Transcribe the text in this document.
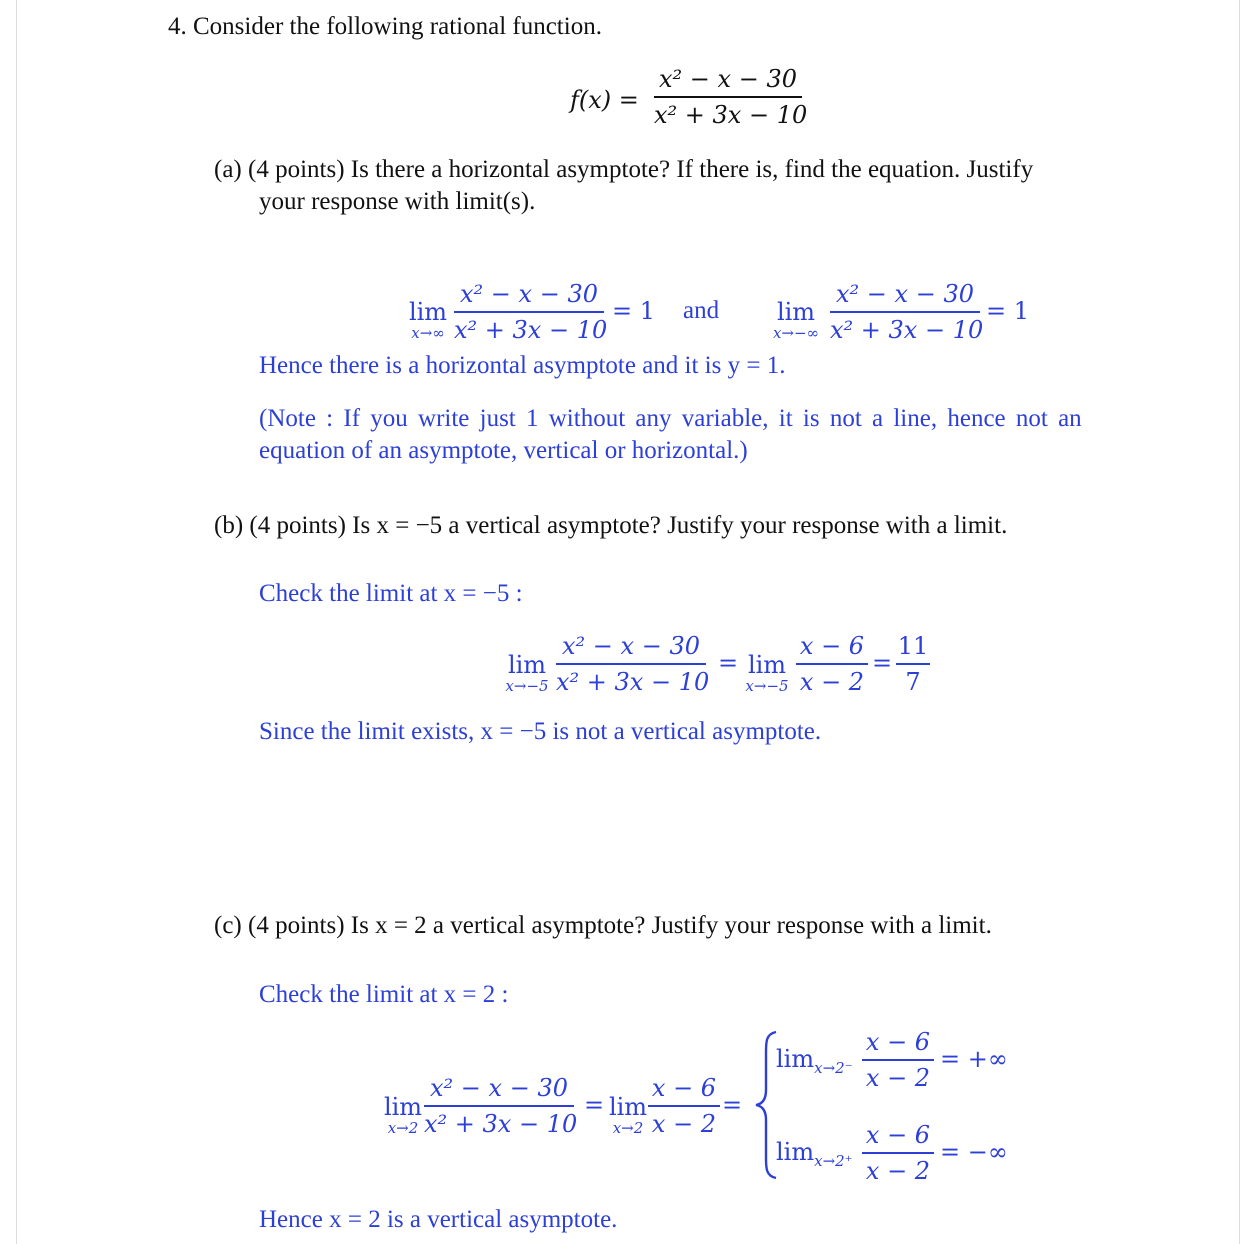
4. Consider the following rational function.
f(x) =
x² − x − 30
x² + 3x − 10
(a) (4 points) Is there a horizontal asymptote? If there is, find the equation. Justify
your response with limit(s).
lim
x→∞
x² − x − 30
x² + 3x − 10
= 1 and	lim
x→−∞
x² − x − 30
x² + 3x − 10
= 1
Hence there is a horizontal asymptote and it is y = 1.
(Note : If you write just 1 without any variable, it is not a line, hence not an
equation of an asymptote, vertical or horizontal.)
(b) (4 points) Is x = −5 a vertical asymptote? Justify your response with a limit.
Check the limit at x = −5 :
lim
x→−5
x² − x − 30
x² + 3x − 10
= lim
x→−5
x − 6
x − 2
=
11
7
Since the limit exists, x = −5 is not a vertical asymptote.
(c) (4 points) Is x = 2 a vertical asymptote? Justify your response with a limit.
Check the limit at x = 2 :
lim
x→2
x² − x − 30
x² + 3x − 10
= lim
x→2
x − 6
x − 2
=
$\lim_{x\to 2^-}$
x − 6
x − 2
= +∞
$\lim_{x\to 2^+}$
x − 6
x − 2
= −∞
Hence x = 2 is a vertical asymptote.
